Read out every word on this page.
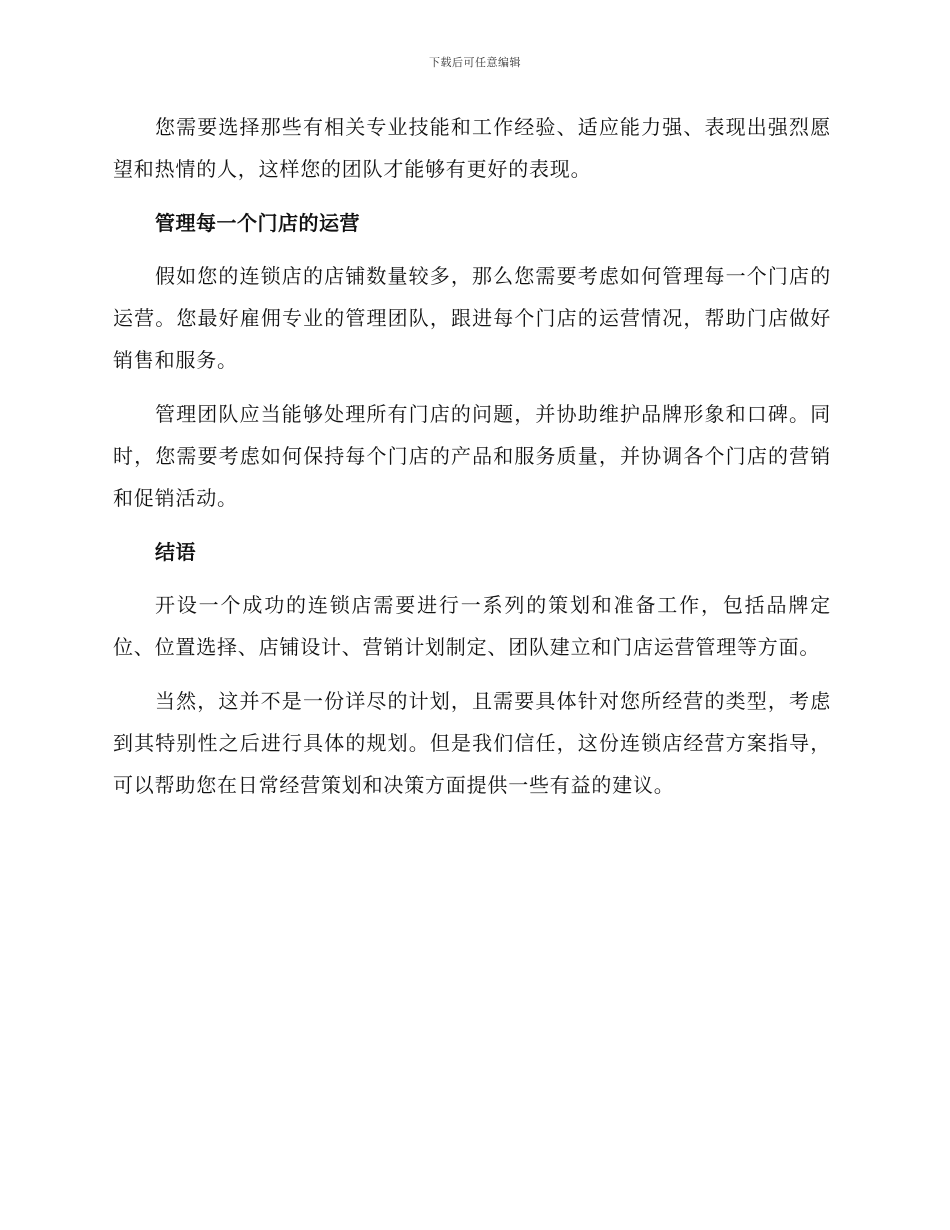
下载后可任意编辑

您需要选择那些有相关专业技能和工作经验、适应能力强、表现出强烈愿望和热情的人，这样您的团队才能够有更好的表现。

管理每一个门店的运营

假如您的连锁店的店铺数量较多，那么您需要考虑如何管理每一个门店的运营。您最好雇佣专业的管理团队，跟进每个门店的运营情况，帮助门店做好销售和服务。

管理团队应当能够处理所有门店的问题，并协助维护品牌形象和口碑。同时，您需要考虑如何保持每个门店的产品和服务质量，并协调各个门店的营销和促销活动。

结语

开设一个成功的连锁店需要进行一系列的策划和准备工作，包括品牌定位、位置选择、店铺设计、营销计划制定、团队建立和门店运营管理等方面。

当然，这并不是一份详尽的计划，且需要具体针对您所经营的类型，考虑到其特别性之后进行具体的规划。但是我们信任，这份连锁店经营方案指导，可以帮助您在日常经营策划和决策方面提供一些有益的建议。
